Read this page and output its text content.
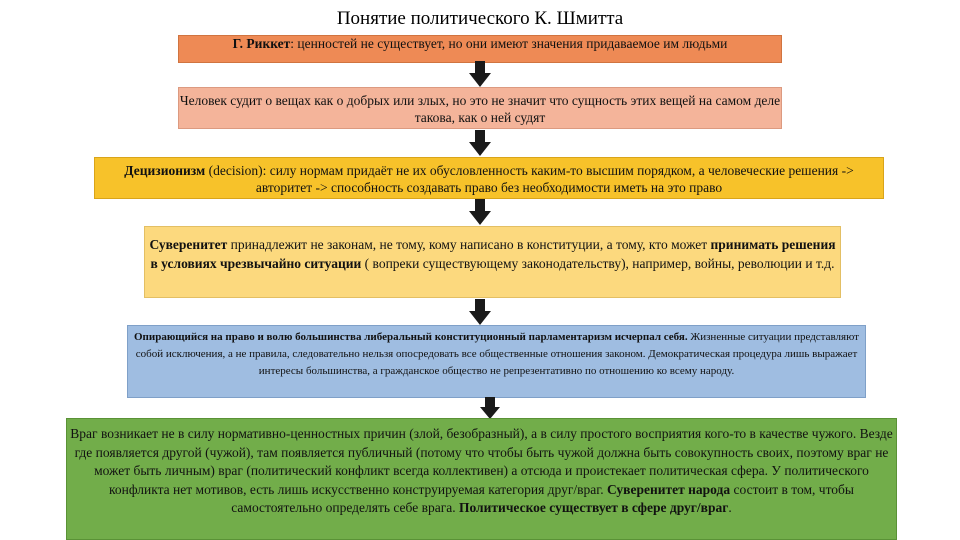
Понятие политического К. Шмитта
Г. Риккет: ценностей не существует, но они имеют значения придаваемое им людьми
Человек судит о вещах как о добрых или злых, но это не значит что сущность этих вещей на самом деле такова, как о ней судят
Децизионизм (decision): силу нормам придаёт не их обусловленность каким-то высшим порядком, а человеческие решения -> авторитет -> способность создавать право без необходимости иметь на это право
Суверенитет принадлежит не законам, не тому, кому написано в конституции, а тому, кто может принимать решения в условиях чрезвычайно ситуации ( вопреки существующему законодательству), например, войны, революции и т.д.
Опирающийся на право и волю большинства либеральный конституционный парламентаризм исчерпал себя. Жизненные ситуации представляют собой исключения, а не правила, следовательно нельзя опосредовать все общественные отношения законом. Демократическая процедура лишь выражает интересы большинства, а гражданское общество не репрезентативно по отношению ко всему народу.
Враг возникает не в силу нормативно-ценностных причин (злой, безобразный), а в силу простого восприятия кого-то в качестве чужого. Везде где появляется другой (чужой), там появляется публичный (потому что чтобы быть чужой должна быть совокупность своих, поэтому враг не может быть личным) враг (политический конфликт всегда коллективен) а отсюда и проистекает политическая сфера. У политического конфликта нет мотивов, есть лишь искусственно конструируемая категория друг/враг. Суверенитет народа состоит в том, чтобы самостоятельно определять себе врага. Политическое существует в сфере друг/враг.
